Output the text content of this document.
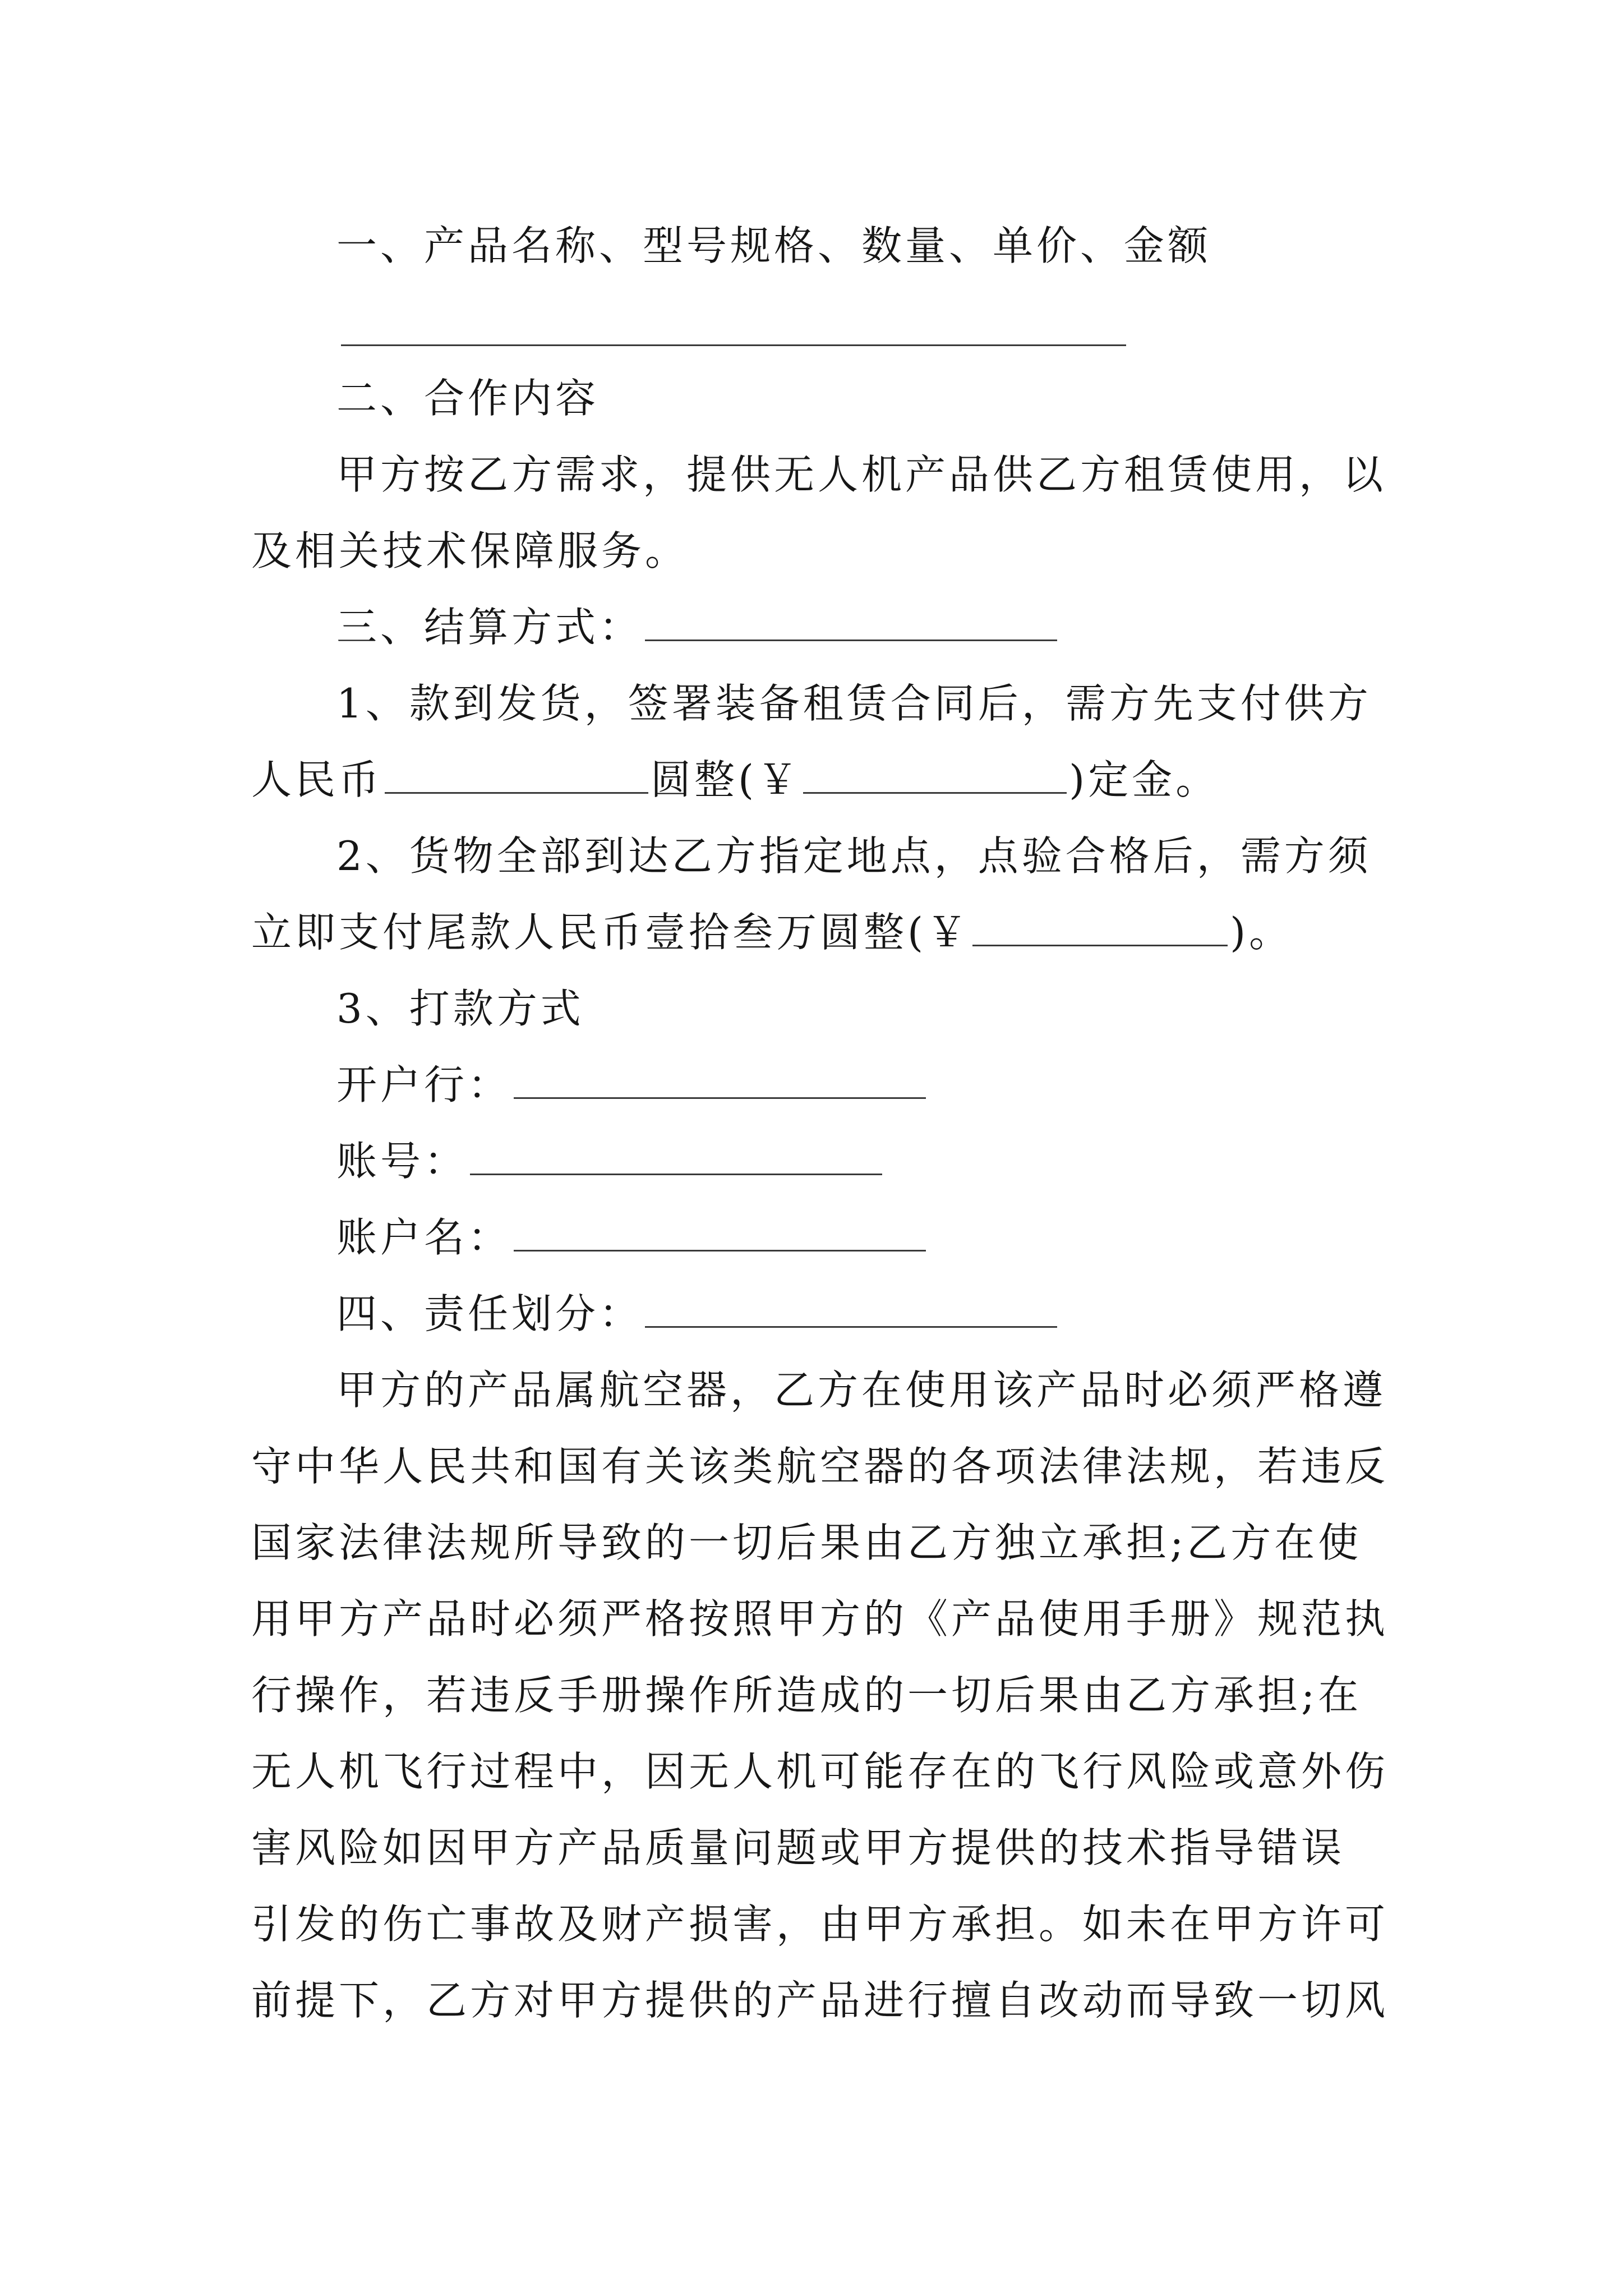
一、产品名称、型号规格、数量、单价、金额
二、合作内容
甲方按乙方需求，提供无人机产品供乙方租赁使用，以
及相关技术保障服务。
三、结算方式：
1、款到发货，签署装备租赁合同后，需方先支付供方
人民币	圆整(￥	)定金。
2、货物全部到达乙方指定地点，点验合格后，需方须
立即支付尾款人民币壹拾叁万圆整(￥	)。
3、打款方式
开户行：
账号：
账户名：
四、责任划分：
甲方的产品属航空器，乙方在使用该产品时必须严格遵
守中华人民共和国有关该类航空器的各项法律法规，若违反
国家法律法规所导致的一切后果由乙方独立承担;乙方在使
用甲方产品时必须严格按照甲方的《产品使用手册》规范执
行操作，若违反手册操作所造成的一切后果由乙方承担;在
无人机飞行过程中，因无人机可能存在的飞行风险或意外伤
害风险如因甲方产品质量问题或甲方提供的技术指导错误
引发的伤亡事故及财产损害，由甲方承担。如未在甲方许可
前提下，乙方对甲方提供的产品进行擅自改动而导致一切风
